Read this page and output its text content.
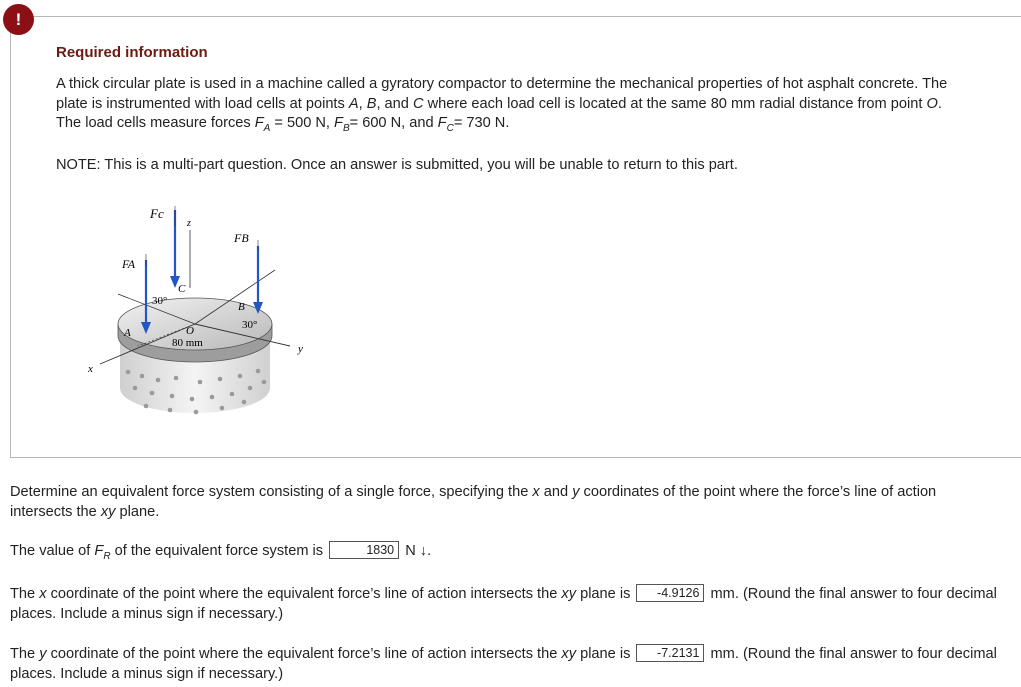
!
Required information
A thick circular plate is used in a machine called a gyratory compactor to determine the mechanical properties of hot asphalt concrete. The plate is instrumented with load cells at points A, B, and C where each load cell is located at the same 80 mm radial distance from point O. The load cells measure forces $F_A = 500$ N, $F_B= 600$ N, and $F_C= 730$ N.
NOTE: This is a multi-part question. Once an answer is submitted, you will be unable to return to this part.
Fc
z
FB
FA
30°
C
B
30°
A	O
80 mm	y
x
Determine an equivalent force system consisting of a single force, specifying the x and y coordinates of the point where the force’s line of action intersects the xy plane.
The value of $F_R$ of the equivalent force system is	1830 N ↓.
The x coordinate of the point where the equivalent force’s line of action intersects the xy plane is -4.9126 mm. (Round the final answer to four decimal places. Include a minus sign if necessary.)
The y coordinate of the point where the equivalent force’s line of action intersects the xy plane is -7.2131 mm. (Round the final answer to four decimal places. Include a minus sign if necessary.)
